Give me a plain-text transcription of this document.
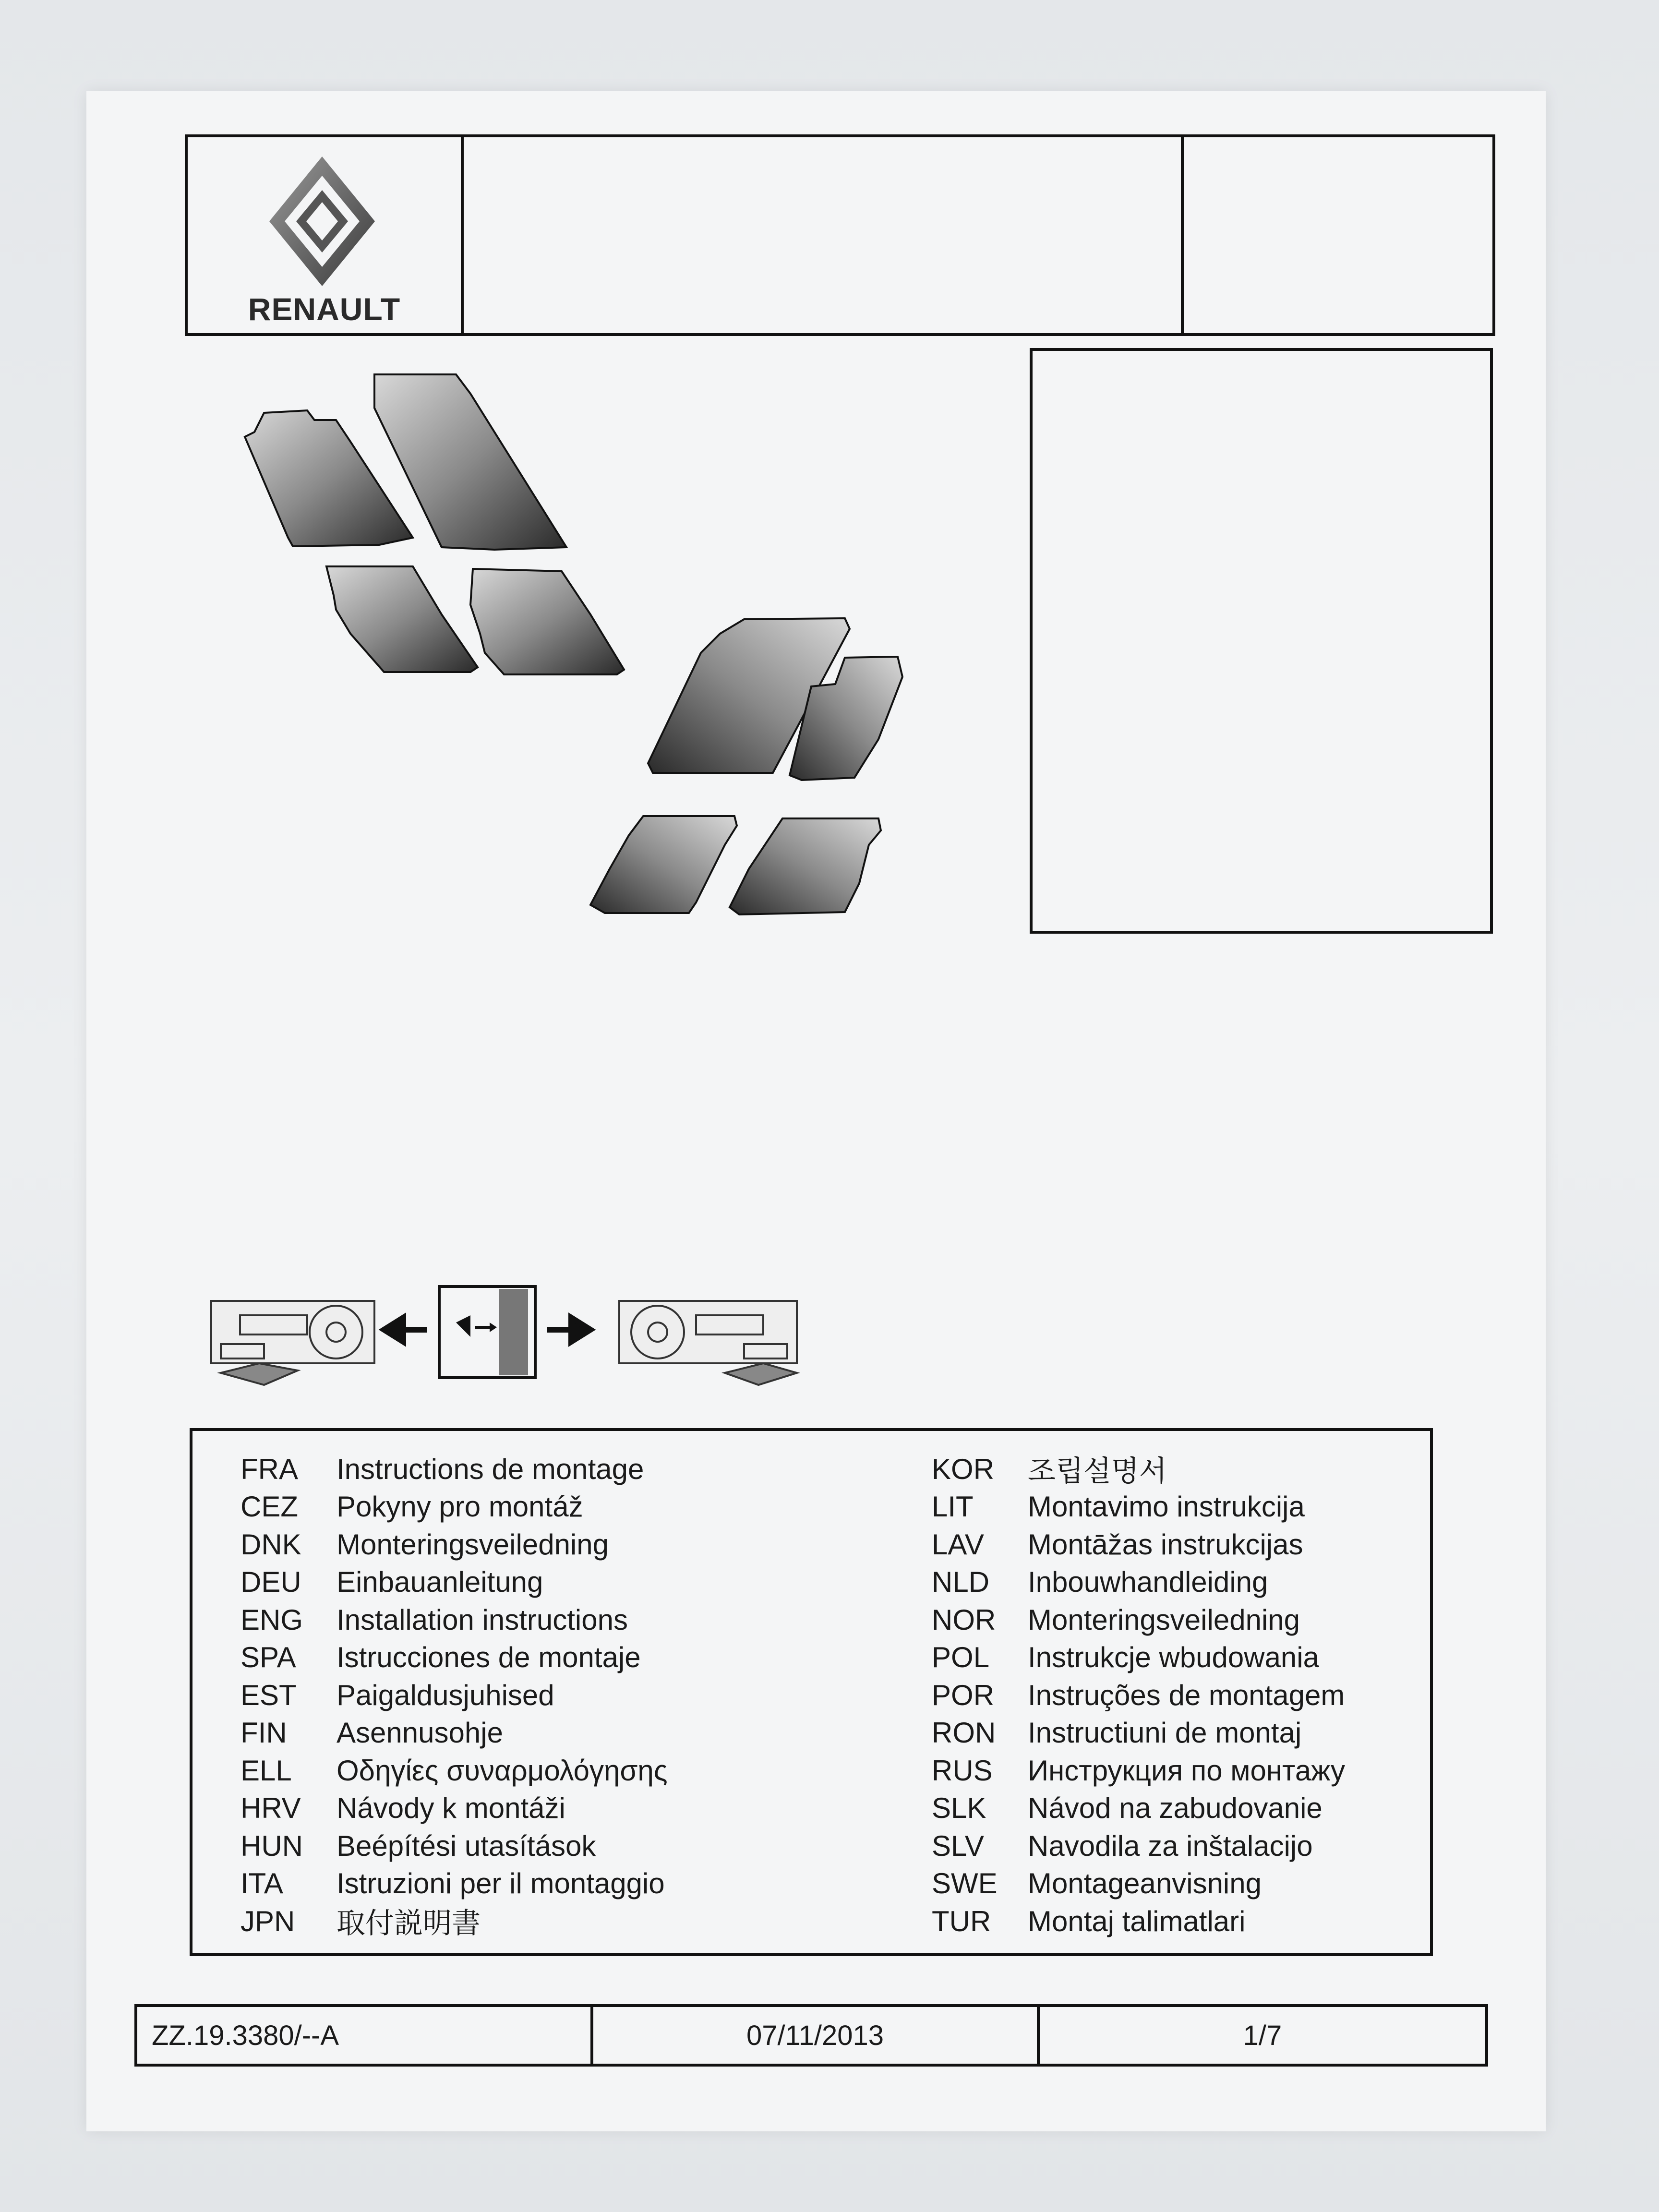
RENAULT
FRA	Instructions de montage
CEZ	Pokyny pro montáž
DNK	Monteringsveiledning
DEU	Einbauanleitung
ENG	Installation instructions
SPA	Istrucciones de montaje
EST	Paigaldusjuhised
FIN	Asennusohje
ELL	Οδηγίες συναρμολόγησης
HRV	Návody k montáži
HUN	Beépítési utasítások
ITA	Istruzioni per il montaggio
JPN	取付説明書
KOR	조립설명서
LIT	Montavimo instrukcija
LAV	Montāžas instrukcijas
NLD	Inbouwhandleiding
NOR	Monteringsveiledning
POL	Instrukcje wbudowania
POR	Instruções de montagem
RON	Instructiuni de montaj
RUS	Инструкция по монтажу
SLK	Návod na zabudovanie
SLV	Navodila za inštalacijo
SWE	Montageanvisning
TUR	Montaj talimatlari
ZZ.19.3380/--A	07/11/2013	1/7
